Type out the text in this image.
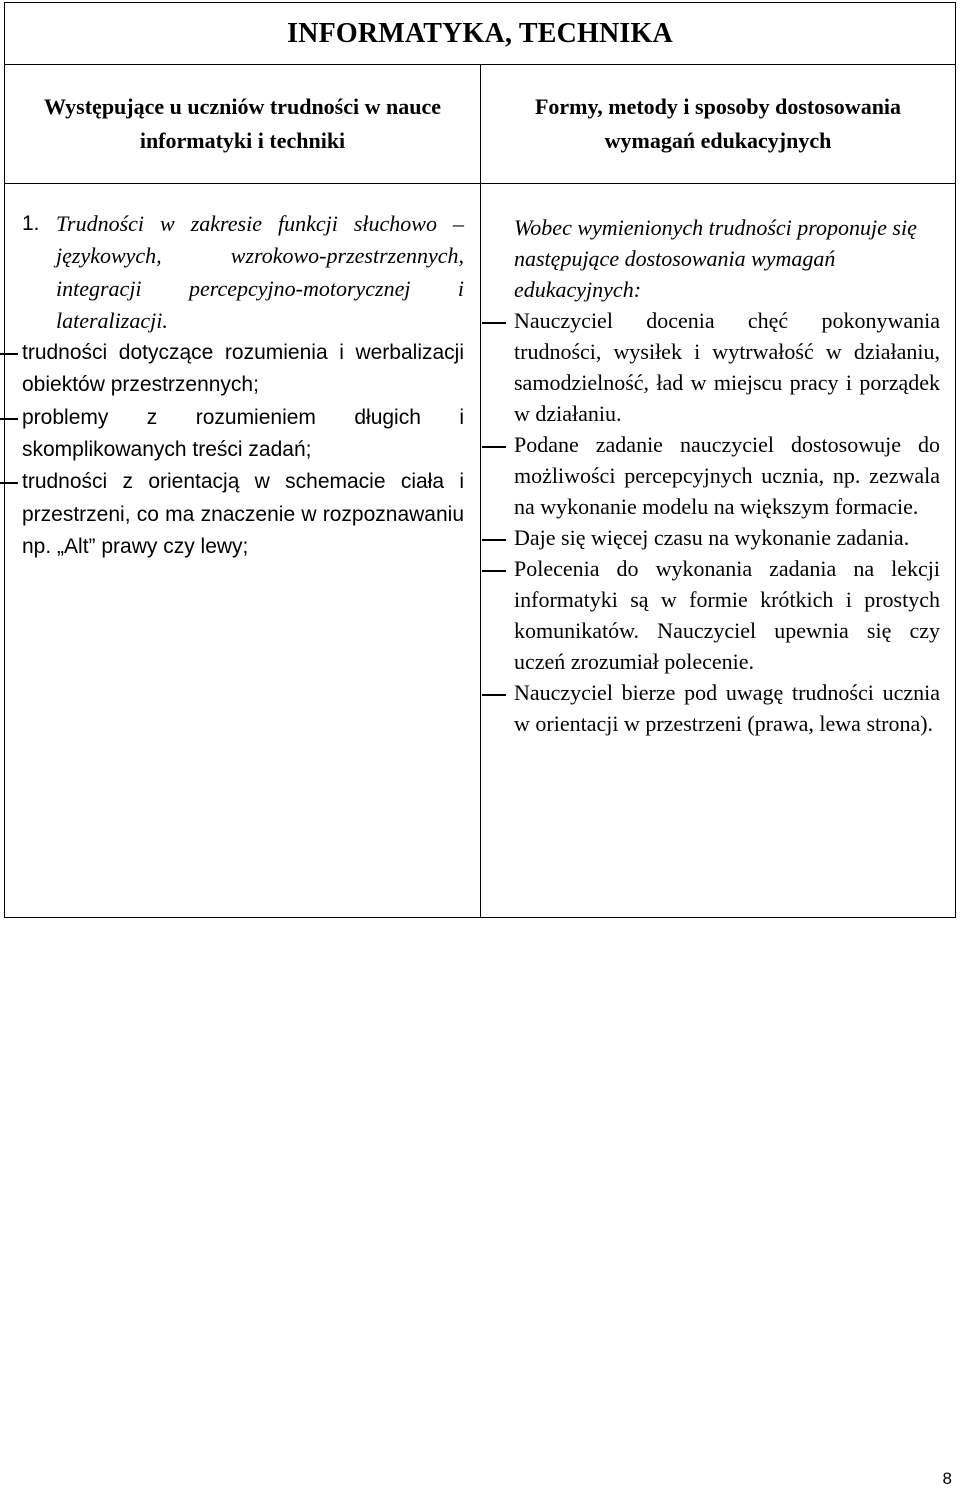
INFORMATYKA, TECHNIKA
Występujące u uczniów trudności w nauce informatyki i techniki
Formy, metody i sposoby dostosowania wymagań edukacyjnych
1. Trudności w zakresie funkcji słuchowo – językowych, wzrokowo-przestrzennych, integracji percepcyjno-motorycznej i lateralizacji.
trudności dotyczące rozumienia i werbalizacji obiektów przestrzennych;
problemy z rozumieniem długich i skomplikowanych treści zadań;
trudności z orientacją w schemacie ciała i przestrzeni, co ma znaczenie w rozpoznawaniu np. „Alt” prawy czy lewy;
Wobec wymienionych trudności proponuje się następujące dostosowania wymagań edukacyjnych:
Nauczyciel docenia chęć pokonywania trudności, wysiłek i wytrwałość w działaniu, samodzielność, ład w miejscu pracy i porządek w działaniu.
Podane zadanie nauczyciel dostosowuje do możliwości percepcyjnych ucznia, np. zezwala na wykonanie modelu na większym formacie.
Daje się więcej czasu na wykonanie zadania.
Polecenia do wykonania zadania na lekcji informatyki są w formie krótkich i prostych komunikatów. Nauczyciel upewnia się czy uczeń zrozumiał polecenie.
Nauczyciel bierze pod uwagę trudności ucznia w orientacji w przestrzeni (prawa, lewa strona).
8
